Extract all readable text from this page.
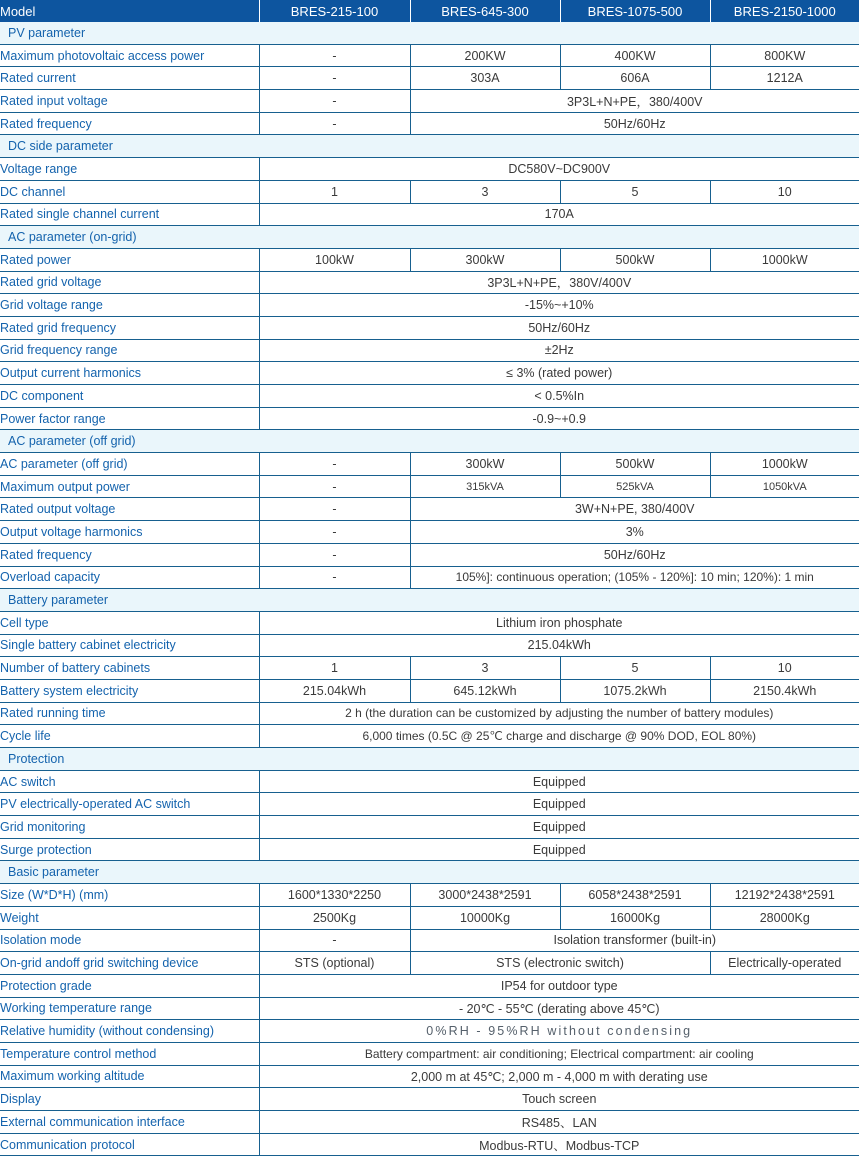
Model	BRES-215-100	BRES-645-300	BRES-1075-500	BRES-2150-1000
PV parameter				
Maximum photovoltaic access power	-	200KW	400KW	800KW
Rated current	-	303A	606A	1212A
Rated input voltage	-	3P3L+N+PE，380/400V		
Rated frequency	-	50Hz/60Hz		
DC side parameter				
Voltage range	DC580V~DC900V			
DC channel	1	3	5	10
Rated single channel current	170A			
AC parameter (on-grid)				
Rated power	100kW	300kW	500kW	1000kW
Rated grid voltage	3P3L+N+PE，380V/400V			
Grid voltage range	-15%~+10%			
Rated grid frequency	50Hz/60Hz			
Grid frequency range	±2Hz			
Output current harmonics	≤ 3% (rated power)			
DC component	< 0.5%In			
Power factor range	-0.9~+0.9			
AC parameter (off grid)				
AC parameter (off grid)	-	300kW	500kW	1000kW
Maximum output power	-	315kVA	525kVA	1050kVA
Rated output voltage	-	3W+N+PE, 380/400V		
Output voltage harmonics	-	3%		
Rated frequency	-	50Hz/60Hz		
Overload capacity	-	105%]: continuous operation; (105% - 120%]: 10 min; 120%): 1 min		
Battery parameter				
Cell type	Lithium iron phosphate			
Single battery cabinet electricity	215.04kWh			
Number of battery cabinets	1	3	5	10
Battery system electricity	215.04kWh	645.12kWh	1075.2kWh	2150.4kWh
Rated running time	2 h (the duration can be customized by adjusting the number of battery modules)			
Cycle life	6,000 times (0.5C @ 25℃ charge and discharge @ 90% DOD, EOL 80%)			
Protection				
AC switch	Equipped			
PV electrically-operated AC switch	Equipped			
Grid monitoring	Equipped			
Surge protection	Equipped			
Basic parameter				
Size (W*D*H) (mm)	1600*1330*2250	3000*2438*2591	6058*2438*2591	12192*2438*2591
Weight	2500Kg	10000Kg	16000Kg	28000Kg
Isolation mode	-	Isolation transformer (built-in)		
On-grid andoff grid switching device	STS (optional)	STS (electronic switch)		Electrically-operated
Protection grade	IP54 for outdoor type			
Working temperature range	- 20℃ - 55℃ (derating above 45℃)			
Relative humidity (without condensing)	0%RH - 95%RH without condensing			
Temperature control method	Battery compartment: air conditioning; Electrical compartment: air cooling			
Maximum working altitude	2,000 m at 45℃; 2,000 m - 4,000 m with derating use			
Display	Touch screen			
External communication interface	RS485、LAN			
Communication protocol	Modbus-RTU、Modbus-TCP			
